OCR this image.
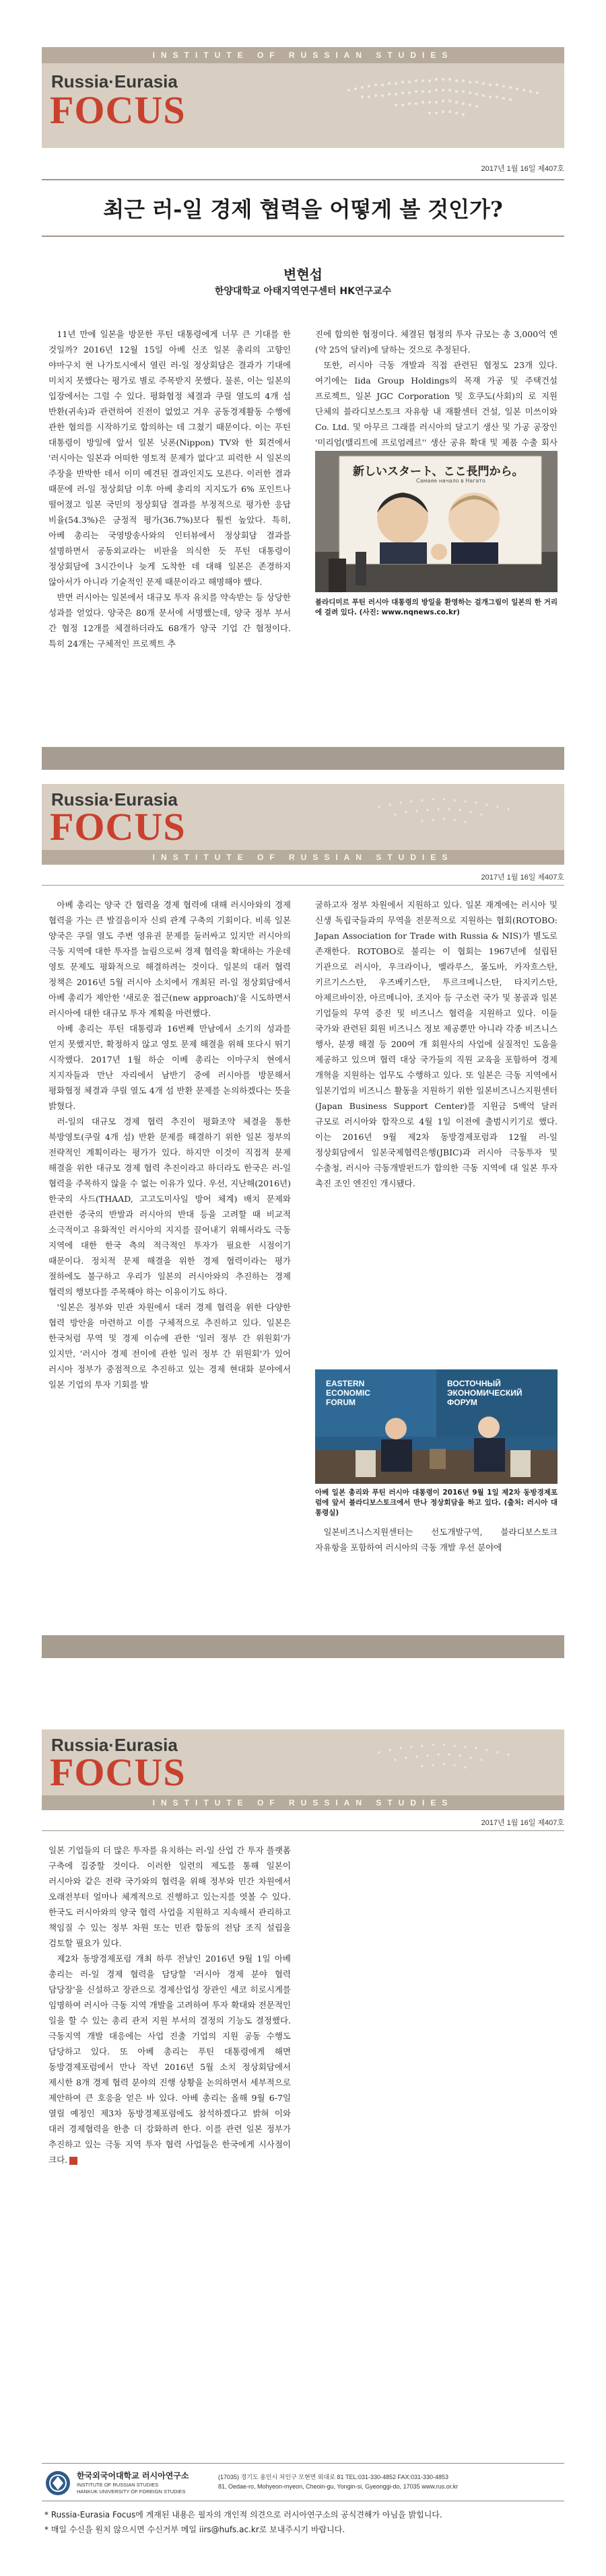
INSTITUTE OF RUSSIAN STUDIES
Russia·Eurasia
FOCUS
2017년 1월 16일 제407호
최근 러-일 경제 협력을 어떻게 볼 것인가?
변현섭
한양대학교 아태지역연구센터 HK연구교수

11년 만에 일본을 방문한 푸틴 대통령에게 너무 큰 기대를 한 것일까? 2016년 12월 15일 아베 신조 일본 총리의 고향인 야마구치 현 나가토시에서 열린 러-일 정상회담은 결과가 기대에 미치지 못했다는 평가로 별로 주목받지 못했다. 물론, 이는 일본의 입장에서는 그럴 수 있다. 평화협정 체결과 쿠릴 열도의 4개 섬 반환(귀속)과 관련하여 진전이 없었고 겨우 공동경제활동 수행에 관한 협의를 시작하기로 합의하는 데 그쳤기 때문이다. 이는 푸틴 대통령이 방일에 앞서 일본 닛폰(Nippon) TV와 한 회견에서 '러시아는 일본과 어떠한 영토적 문제가 없다'고 피력한 서 일본의 주장을 반박한 데서 이미 예견된 결과인지도 모른다. 이러한 결과 때문에 러-일 정상회담 이후 아베 총리의 지지도가 6% 포인트나 떨어졌고 일본 국민의 정상회담 결과를 부정적으로 평가한 응답 비율(54.3%)은 긍정적 평가(36.7%)보다 훨씬 높았다. 특히, 아베 총리는 국영방송사와의 인터뷰에서 정상회담 결과를 설명하면서 공동외교라는 비판을 의식한 듯 푸틴 대통령이 정상회담에 3시간이나 늦게 도착한 데 대해 일본은 존경하지 않아서가 아니라 기술적인 문제 때문이라고 해명해야 했다.

반면 러시아는 일본에서 대규모 투자 유치를 약속받는 등 상당한 성과를 얻었다. 양국은 80개 문서에 서명했는데, 양국 정부 부서 간 협정 12개를 체결하더라도 68개가 양국 기업 간 협정이다. 특히 24개는 구체적인 프로젝트 추

진에 합의한 협정이다. 체결된 협정의 투자 규모는 총 3,000억 엔(약 25억 달러)에 달하는 것으로 추정된다.

또한, 러시아 극동 개발과 직접 관련된 협정도 23개 있다. 여기에는 Iida Group Holdings의 목재 가공 및 주택건설 프로젝트, 일본 JGC Corporation 및 호쿠도(사회)의 로 지원 단체의 블라디보스토크 자유항 내 재활센터 건설, 일본 미쓰이와 Co. Ltd. 및 아무르 그래를 러시아의 달고기 생산 및 가공 공장인 '미리엄(밸리트에 프로엄레르'' 생산 공유 확대 및 제품 수출 회사

新しいスタート、ここ長門から。
Самаяе начало в Нагато
블라디미르 푸틴 러시아 대통령의 방일을 환영하는 걸개그림이 일본의 한 거리에 걸려 있다. (사진: www.nqnews.co.kr)
Russia·Eurasia
FOCUS
INSTITUTE OF RUSSIAN STUDIES
2017년 1월 16일 제407호

아베 총리는 양국 간 협력을 경제 협력에 대해 러시아와의 경제 협력을 가는 큰 발걸음이자 신뢰 관계 구축의 기회이다. 비록 일본 양국은 쿠릴 열도 주변 영유권 문제를 둘러싸고 있지만 러시아의 극동 지역에 대한 투자를 늘림으로써 경제 협력을 확대하는 가운데 영토 문제도 평화적으로 해결하려는 것이다. 일본의 대러 협력 정책은 2016년 5월 러시아 소치에서 개최된 러-일 정상회담에서 아베 총리가 제안한 '새로운 접근(new approach)'을 시도하면서 러시아에 대한 대규모 투자 계획을 마련했다.

아베 총리는 푸틴 대통령과 16번째 만남에서 소기의 성과를 얻지 못했지만, 확정하지 않고 영토 문제 해결을 위해 또다시 뛰기 시작했다. 2017년 1월 하순 이베 총리는 이마구치 현에서 지지자들과 만난 자리에서 남반기 중에 러시아를 방문해서 평화협정 체결과 쿠릴 열도 4개 섬 반환 문제를 논의하겠다는 뜻을 밝혔다.

러-일의 대규모 경제 협력 추진이 평화조약 체결을 통한 북방영토(쿠릴 4개 섬) 반환 문제를 해결하기 위한 일본 정부의 전략적인 계획이라는 평가가 있다. 하지만 이것이 직접적 문제 해결을 위한 대규모 경제 협력 추진이라고 하더라도 한국은 러-일 협력을 주목하지 않을 수 없는 이유가 있다. 우선, 지난해(2016년) 한국의 사드(THAAD, 고고도미사일 방어 체계) 배치 문제와 관련한 중국의 반발과 러시아의 반대 등을 고려할 때 비교적 소극적이고 유화적인 러시아의 지지를 끌어내기 위해서라도 극동 지역에 대한 한국 측의 적극적인 투자가 필요한 시점이기 때문이다. 정치적 문제 해결을 위한 경제 협력이라는 평가 절하에도 불구하고 우리가 일본의 러시아와의 추진하는 경제 협력의 행보다를 주목해야 하는 이유이기도 하다.

'일본은 정부와 민관 차원에서 대러 경제 협력을 위한 다양한 협력 방안을 마련하고 이를 구체적으로 추진하고 있다. 일본은 한국처럼 무역 및 경제 이슈에 관한 '일러 정부 간 위원회'가 있지만, '러시아 경제 전이에 관한 일러 정부 간 위원회'가 있어 러시아 정부가 중점적으로 추진하고 있는 경제 현대화 분야에서 일본 기업의 투자 기회를 발

굴하고자 정부 차원에서 지원하고 있다. 일본 재계에는 러시아 및 신생 독립국들과의 무역을 전문적으로 지원하는 협회(ROTOBO: Japan Association for Trade with Russia & NIS)가 별도로 존재한다. ROTOBO로 불리는 이 협회는 1967년에 설립된 기관으로 러시아, 우크라이나, 벨라루스, 몰도바, 카자흐스탄, 키르기스스탄, 우즈베키스탄, 투르크메니스탄, 타지키스탄, 아제르바이잔, 아르메니아, 조지아 등 구소련 국가 및 몽골과 일본 기업들의 무역 증진 및 비즈니스 협력을 지원하고 있다. 이들 국가와 관련된 회원 비즈니스 정보 제공뿐만 아니라 각종 비즈니스 행사, 분쟁 해결 등 200여 개 회원사의 사업에 실질적인 도움을 제공하고 있으며 협력 대상 국가들의 직원 교육을 포함하여 경제 개혁을 지원하는 업무도 수행하고 있다. 또 일본은 극동 지역에서 일본기업의 비즈니스 활동을 지원하기 위한 일본비즈니스지원센터(Japan Business Support Center)를 지원금 5백억 달러 규모로 러시아와 합작으로 4월 1일 이전에 출범시키기로 했다. 이는 2016년 9월 제2차 동방경제포럼과 12월 러-일 정상회담에서 일본국제협력은행(JBIC)과 러시아 극동투자 및 수출청, 러시아 극동개발펀드가 합의한 극동 지역에 대 일본 투자 촉진 조인 엔진인 개시됐다.

EASTERN
ECONOMIC
FORUM
ВОСТОЧНЫЙ
ЭКОНОМИЧЕСКИЙ
ФОРУМ
아베 일본 총리와 푸틴 러시아 대통령이 2016년 9월 1일 제2차 동방경제포럼에 앞서 블라디보스토크에서 만나 정상회담을 하고 있다. (출처: 러시아 대통령실)

일본비즈니스지원센터는 선도개발구역, 블라디보스토크 자유항을 포함하여 러시아의 극동 개발 우선 분야에

Russia·Eurasia
FOCUS
INSTITUTE OF RUSSIAN STUDIES
2017년 1월 16일 제407호

일본 기업들의 더 많은 투자를 유치하는 러-일 산업 간 투자 플랫폼 구축에 집중할 것이다. 이러한 일련의 제도를 통해 일본이 러시아와 같은 전략 국가와의 협력을 위해 정부와 민간 차원에서 오래전부터 얼마나 체계적으로 진행하고 있는지를 엿볼 수 있다. 한국도 러시아와의 양국 협력 사업을 지원하고 지속해서 관리하고 책임질 수 있는 정부 차원 또는 민관 합동의 전담 조직 설립을 검토할 필요가 있다.

제2차 동방경제포럼 개최 하루 전날인 2016년 9월 1일 아베 총리는 러-일 경제 협력을 담당할 '러시아 경제 분야 협력 담당장'을 신설하고 장관으로 경제산업성 장관인 세코 히로시게를 임명하여 러시아 극동 지역 개발을 고려하여 투자 확대와 전문적인 일을 할 수 있는 총리 관저 지원 부서의 결정의 기능도 결정했다. 극동지역 개발 대응에는 사업 진출 기업의 지원 공동 수행도 담당하고 있다. 또 아베 총리는 푸틴 대통령에게 해면 동방경제포럼에서 만나 작년 2016년 5월 소치 정상회담에서 제시한 8개 경제 협력 분야의 진행 상황을 논의하면서 세부적으로 제안하여 큰 호응을 얻은 바 있다. 아베 총리는 올해 9월 6-7일 열릴 예정인 제3차 동방경제포럼에도 참석하겠다고 밝혀 이와 대러 경제협력을 한층 더 강화하려 한다. 이를 관련 일본 정부가 추진하고 있는 극동 지역 투자 협력 사업들은 한국에게 시사점이 크다. R

한국외국어대학교 러시아연구소
INSTITUTE OF RUSSIAN STUDIES
HANKUK UNIVERSITY OF FOREIGN STUDIES
(17035) 경기도 용인시 처인구 모현면 외대로 81 TEL:031-330-4852 FAX:031-330-4853
81, Oedae-ro, Mohyeon-myeon, Cheoin-gu, Yongin-si, Gyeonggi-do, 17035 www.rus.or.kr
* Russia-Eurasia Focus에 게재된 내용은 필자의 개인적 의견으로 러시아연구소의 공식견해가 아님을 밝힙니다.
* 매일 수신을 원치 않으시면 수신거부 메일 iirs@hufs.ac.kr로 보내주시기 바랍니다.
